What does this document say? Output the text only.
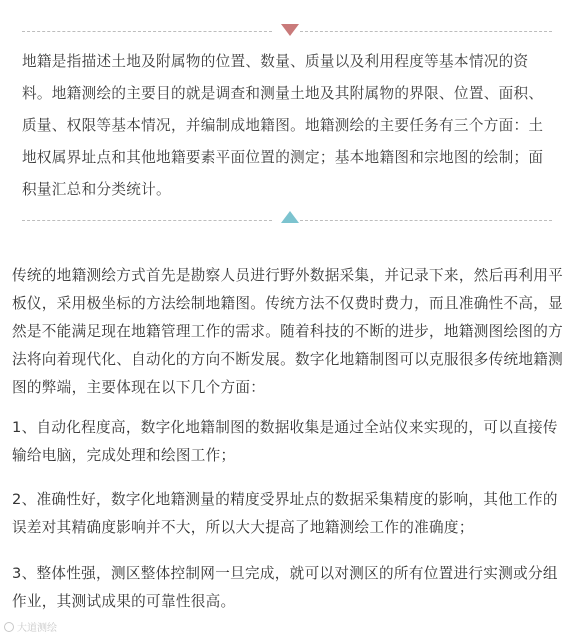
地籍是指描述土地及附属物的位置、数量、质量以及利用程度等基本情况的资料。地籍测绘的主要目的就是调查和测量土地及其附属物的界限、位置、面积、质量、权限等基本情况，并编制成地籍图。地籍测绘的主要任务有三个方面：土地权属界址点和其他地籍要素平面位置的测定；基本地籍图和宗地图的绘制；面积量汇总和分类统计。

传统的地籍测绘方式首先是勘察人员进行野外数据采集，并记录下来，然后再利用平板仪，采用极坐标的方法绘制地籍图。传统方法不仅费时费力，而且准确性不高，显然是不能满足现在地籍管理工作的需求。随着科技的不断的进步，地籍测图绘图的方法将向着现代化、自动化的方向不断发展。数字化地籍制图可以克服很多传统地籍测图的弊端，主要体现在以下几个方面：

1、自动化程度高，数字化地籍制图的数据收集是通过全站仪来实现的，可以直接传输给电脑，完成处理和绘图工作；

2、准确性好，数字化地籍测量的精度受界址点的数据采集精度的影响，其他工作的误差对其精确度影响并不大，所以大大提高了地籍测绘工作的准确度；

3、整体性强，测区整体控制网一旦完成，就可以对测区的所有位置进行实测或分组作业，其测试成果的可靠性很高。

大道测绘
